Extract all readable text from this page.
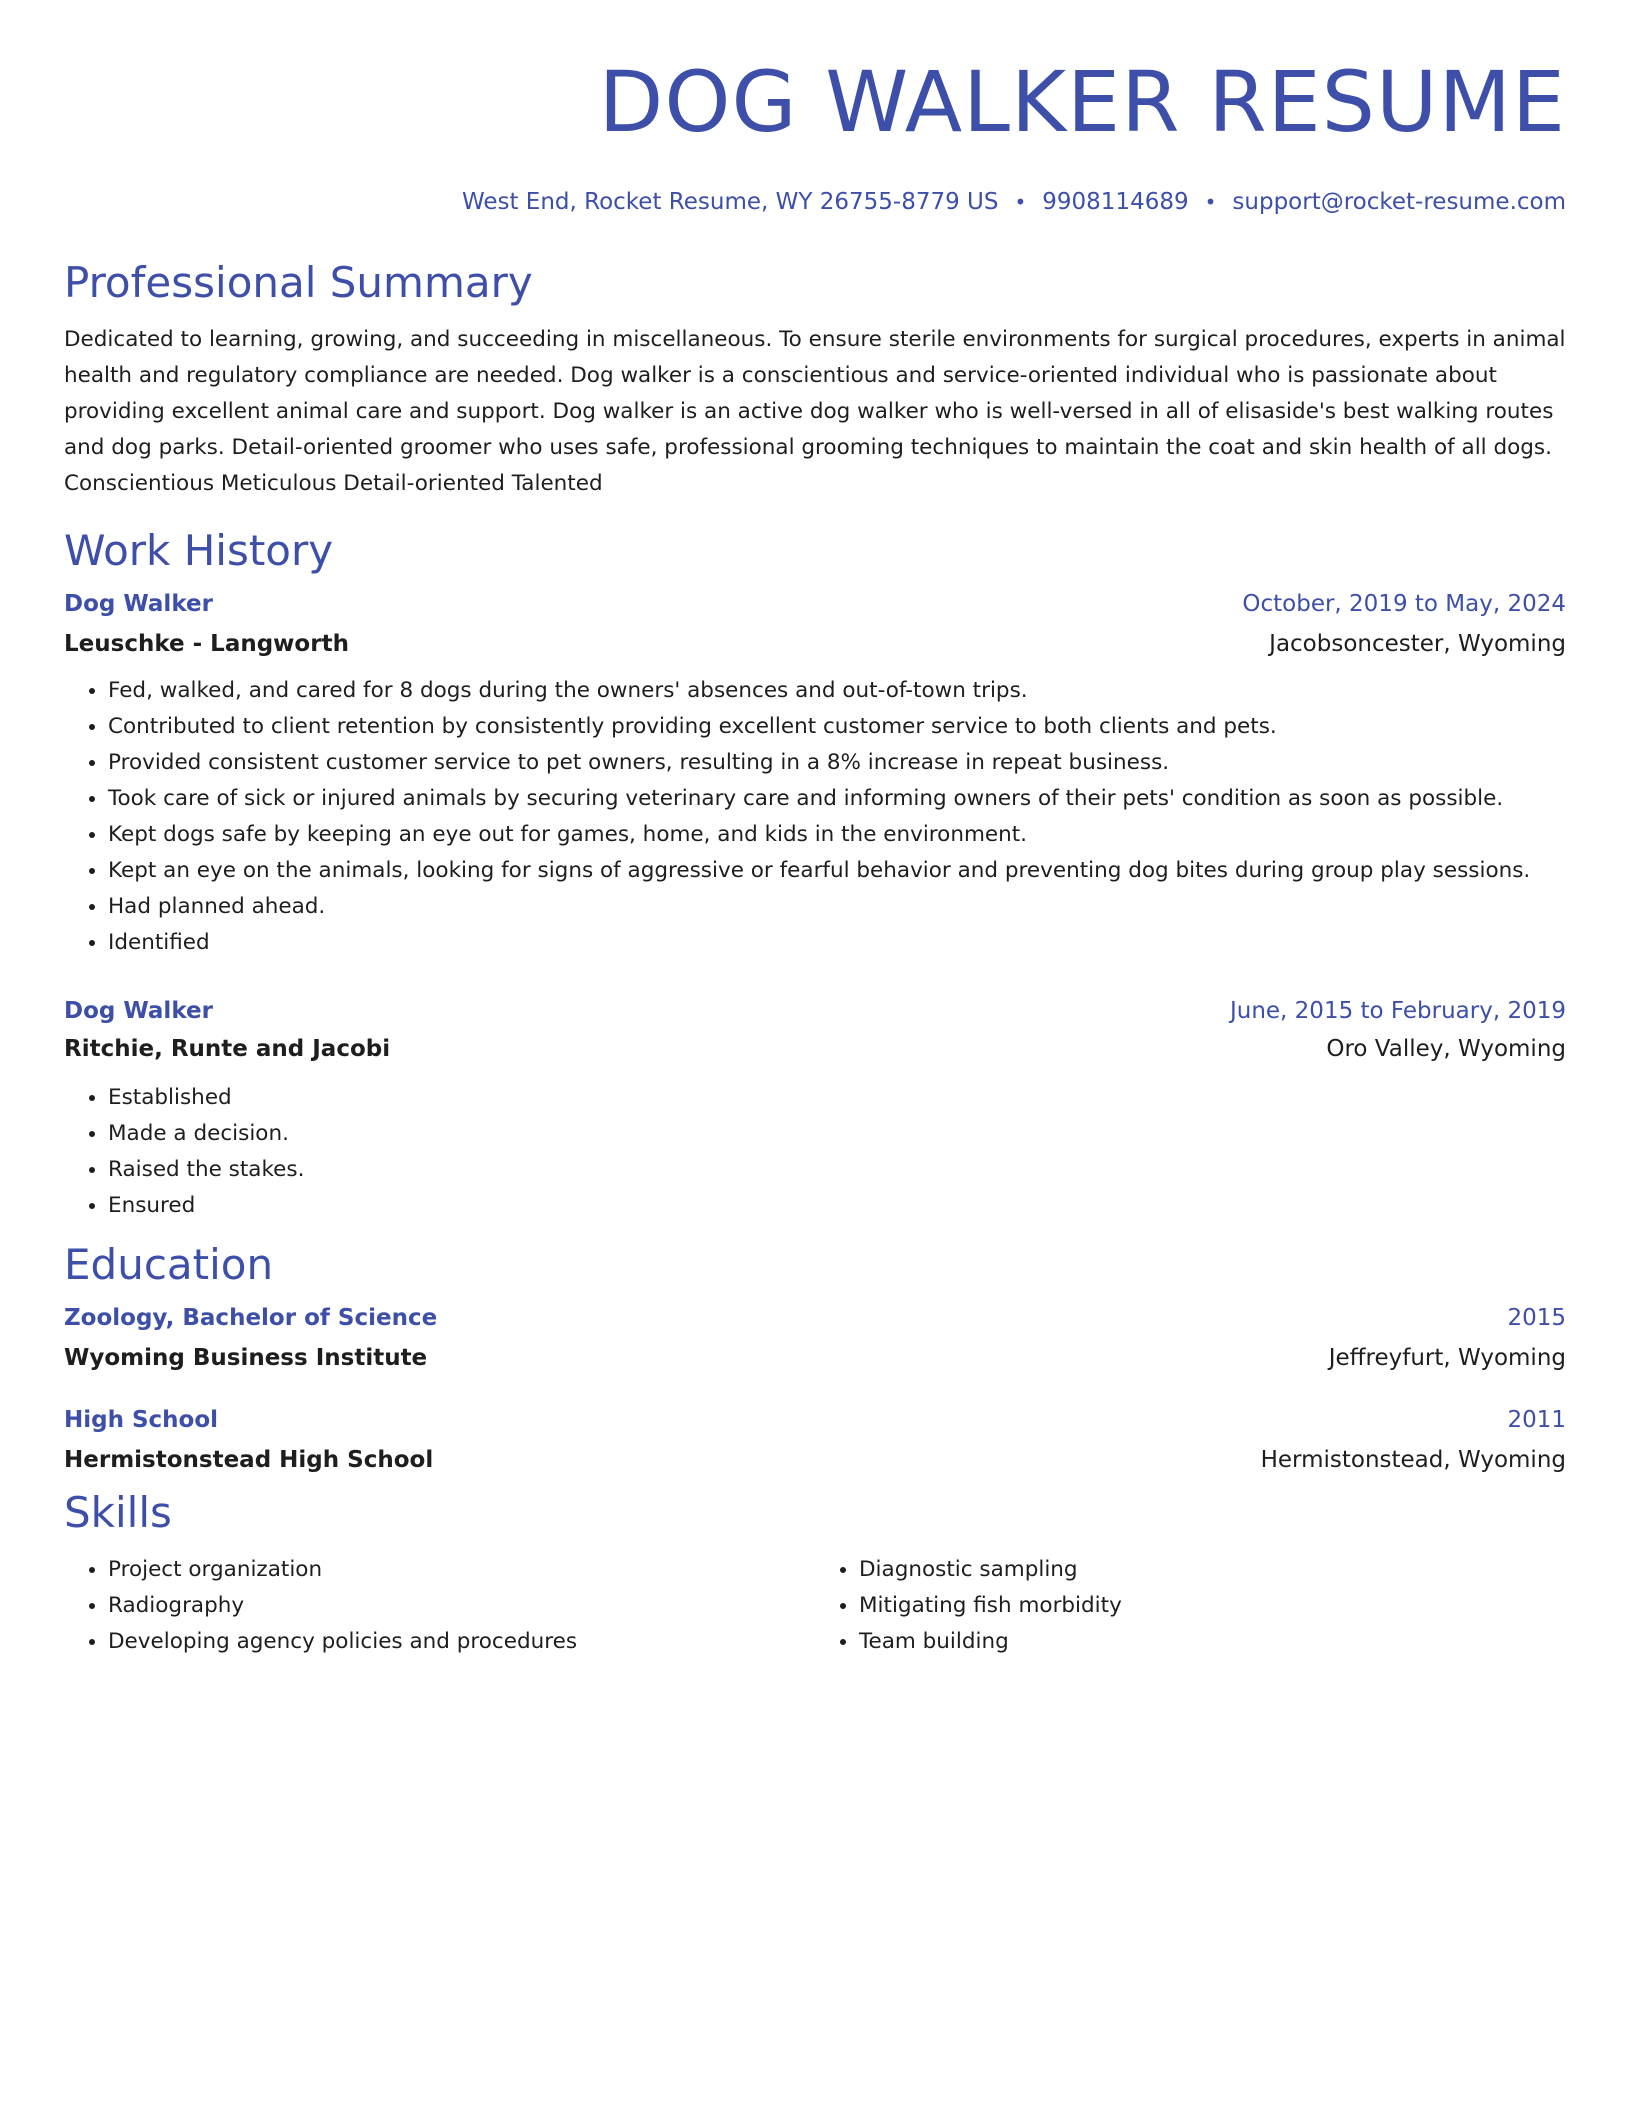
DOG WALKER RESUME
West End, Rocket Resume, WY 26755-8779 US • 9908114689 • support@rocket-resume.com
Professional Summary

Dedicated to learning, growing, and succeeding in miscellaneous. To ensure sterile environments for surgical procedures, experts in animal health and regulatory compliance are needed. Dog walker is a conscientious and service-oriented individual who is passionate about providing excellent animal care and support. Dog walker is an active dog walker who is well-versed in all of elisaside's best walking routes and dog parks. Detail-oriented groomer who uses safe, professional grooming techniques to maintain the coat and skin health of all dogs. Conscientious Meticulous Detail-oriented Talented

Work History
Dog Walker	October, 2019 to May, 2024
Leuschke - Langworth	Jacobsoncester, Wyoming
• Fed, walked, and cared for 8 dogs during the owners' absences and out-of-town trips.
• Contributed to client retention by consistently providing excellent customer service to both clients and pets.
• Provided consistent customer service to pet owners, resulting in a 8% increase in repeat business.
• Took care of sick or injured animals by securing veterinary care and informing owners of their pets' condition as soon as possible.
• Kept dogs safe by keeping an eye out for games, home, and kids in the environment.
• Kept an eye on the animals, looking for signs of aggressive or fearful behavior and preventing dog bites during group play sessions.
• Had planned ahead.
• Identified
Dog Walker	June, 2015 to February, 2019
Ritchie, Runte and Jacobi	Oro Valley, Wyoming
• Established
• Made a decision.
• Raised the stakes.
• Ensured
Education
Zoology, Bachelor of Science	2015
Wyoming Business Institute	Jeffreyfurt, Wyoming
High School	2011
Hermistonstead High School	Hermistonstead, Wyoming
Skills
• Project organization
• Radiography
• Developing agency policies and procedures
• Diagnostic sampling
• Mitigating fish morbidity
• Team building
